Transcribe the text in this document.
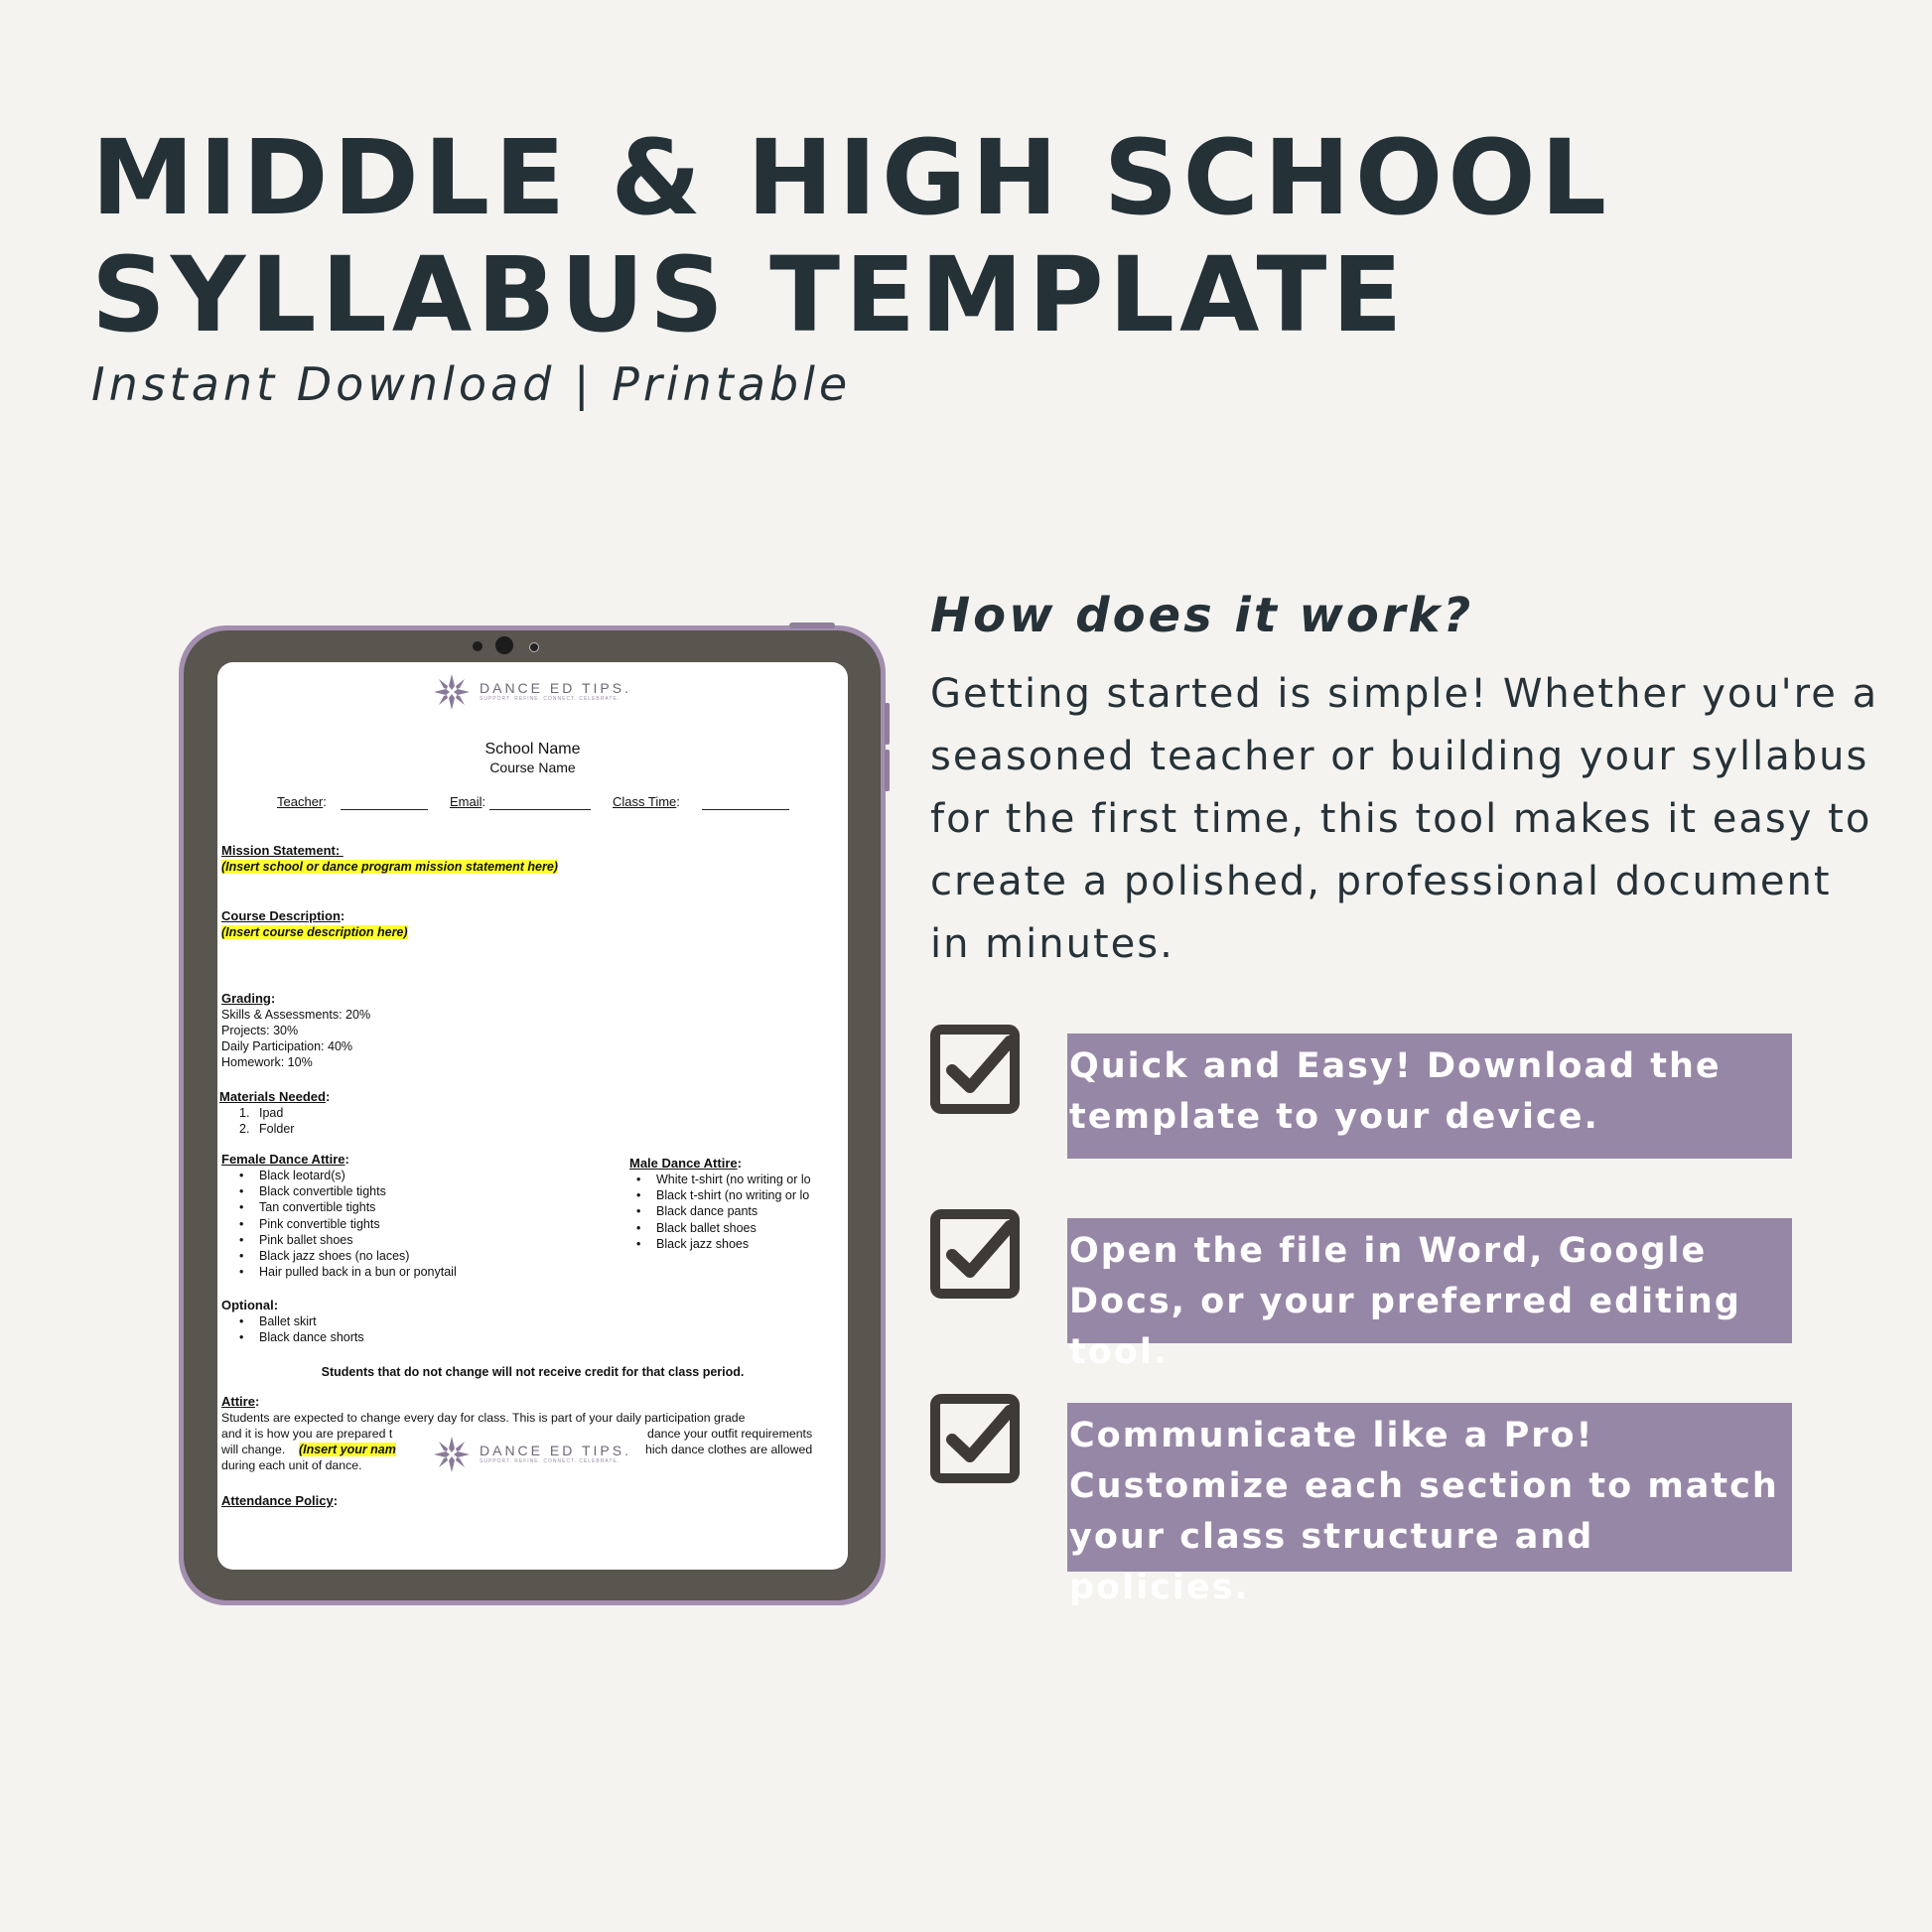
MIDDLE & HIGH SCHOOL
SYLLABUS TEMPLATE
Instant Download | Printable
DANCE ED TIPS.
SUPPORT. REFINE. CONNECT. CELEBRATE.
School Name
Course Name
Teacher:	Email:	Class Time:
Mission Statement:
(Insert school or dance program mission statement here)
Course Description:
(Insert course description here)
Grading:
Skills & Assessments: 20%
Projects: 30%
Daily Participation: 40%
Homework: 10%
Materials Needed:
1. Ipad
2. Folder
Female Dance Attire:
• Black leotard(s)
• Black convertible tights
• Tan convertible tights
• Pink convertible tights
• Pink ballet shoes
• Black jazz shoes (no laces)
• Hair pulled back in a bun or ponytail
Male Dance Attire:
• White t-shirt (no writing or lo
• Black t-shirt (no writing or lo
• Black dance pants
• Black ballet shoes
• Black jazz shoes
Optional:
• Ballet skirt
• Black dance shorts
Students that do not change will not receive credit for that class period.
Attire:
Students are expected to change every day for class. This is part of your daily participation grade
and it is how you are prepared t	dance your outfit requirements
will change. (Insert your nam	hich dance clothes are allowed
during each unit of dance.
DANCE ED TIPS.
SUPPORT. REFINE. CONNECT. CELEBRATE.
Attendance Policy:
How does it work?

Getting started is simple! Whether you're a seasoned teacher or building your syllabus for the first time, this tool makes it easy to create a polished, professional document in minutes.

Quick and Easy! Download the template to your device.
Open the file in Word, Google Docs, or your preferred editing tool.
Communicate like a Pro! Customize each section to match your class structure and policies.
